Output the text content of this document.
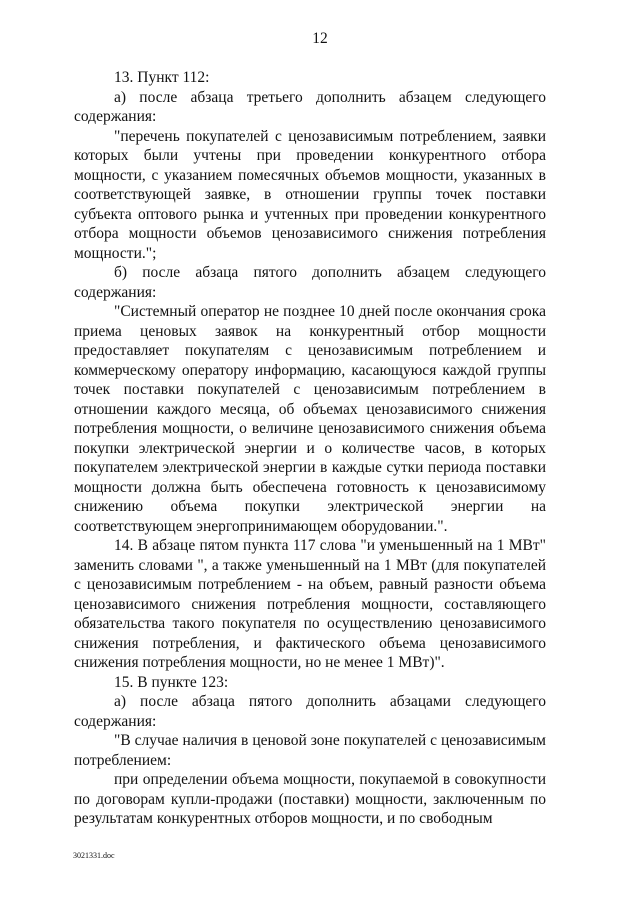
12

13. Пункт 112:

а) после абзаца третьего дополнить абзацем следующего содержания:

"перечень покупателей с ценозависимым потреблением, заявки которых были учтены при проведении конкурентного отбора мощности, с указанием помесячных объемов мощности, указанных в соответствующей заявке, в отношении группы точек поставки субъекта оптового рынка и учтенных при проведении конкурентного отбора мощности объемов ценозависимого снижения потребления мощности.";

б) после абзаца пятого дополнить абзацем следующего содержания:

"Системный оператор не позднее 10 дней после окончания срока приема ценовых заявок на конкурентный отбор мощности предоставляет покупателям с ценозависимым потреблением и коммерческому оператору информацию, касающуюся каждой группы точек поставки покупателей с ценозависимым потреблением в отношении каждого месяца, об объемах ценозависимого снижения потребления мощности, о величине ценозависимого снижения объема покупки электрической энергии и о количестве часов, в которых покупателем электрической энергии в каждые сутки периода поставки мощности должна быть обеспечена готовность к ценозависимому снижению объема покупки электрической энергии на соответствующем энергопринимающем оборудовании.".

14. В абзаце пятом пункта 117 слова "и уменьшенный на 1 МВт" заменить словами ", а также уменьшенный на 1 МВт (для покупателей с ценозависимым потреблением - на объем, равный разности объема ценозависимого снижения потребления мощности, составляющего обязательства такого покупателя по осуществлению ценозависимого снижения потребления, и фактического объема ценозависимого снижения потребления мощности, но не менее 1 МВт)".

15. В пункте 123:

а) после абзаца пятого дополнить абзацами следующего содержания:

"В случае наличия в ценовой зоне покупателей с ценозависимым потреблением:

при определении объема мощности, покупаемой в совокупности по договорам купли-продажи (поставки) мощности, заключенным по результатам конкурентных отборов мощности, и по свободным

3021331.doc
